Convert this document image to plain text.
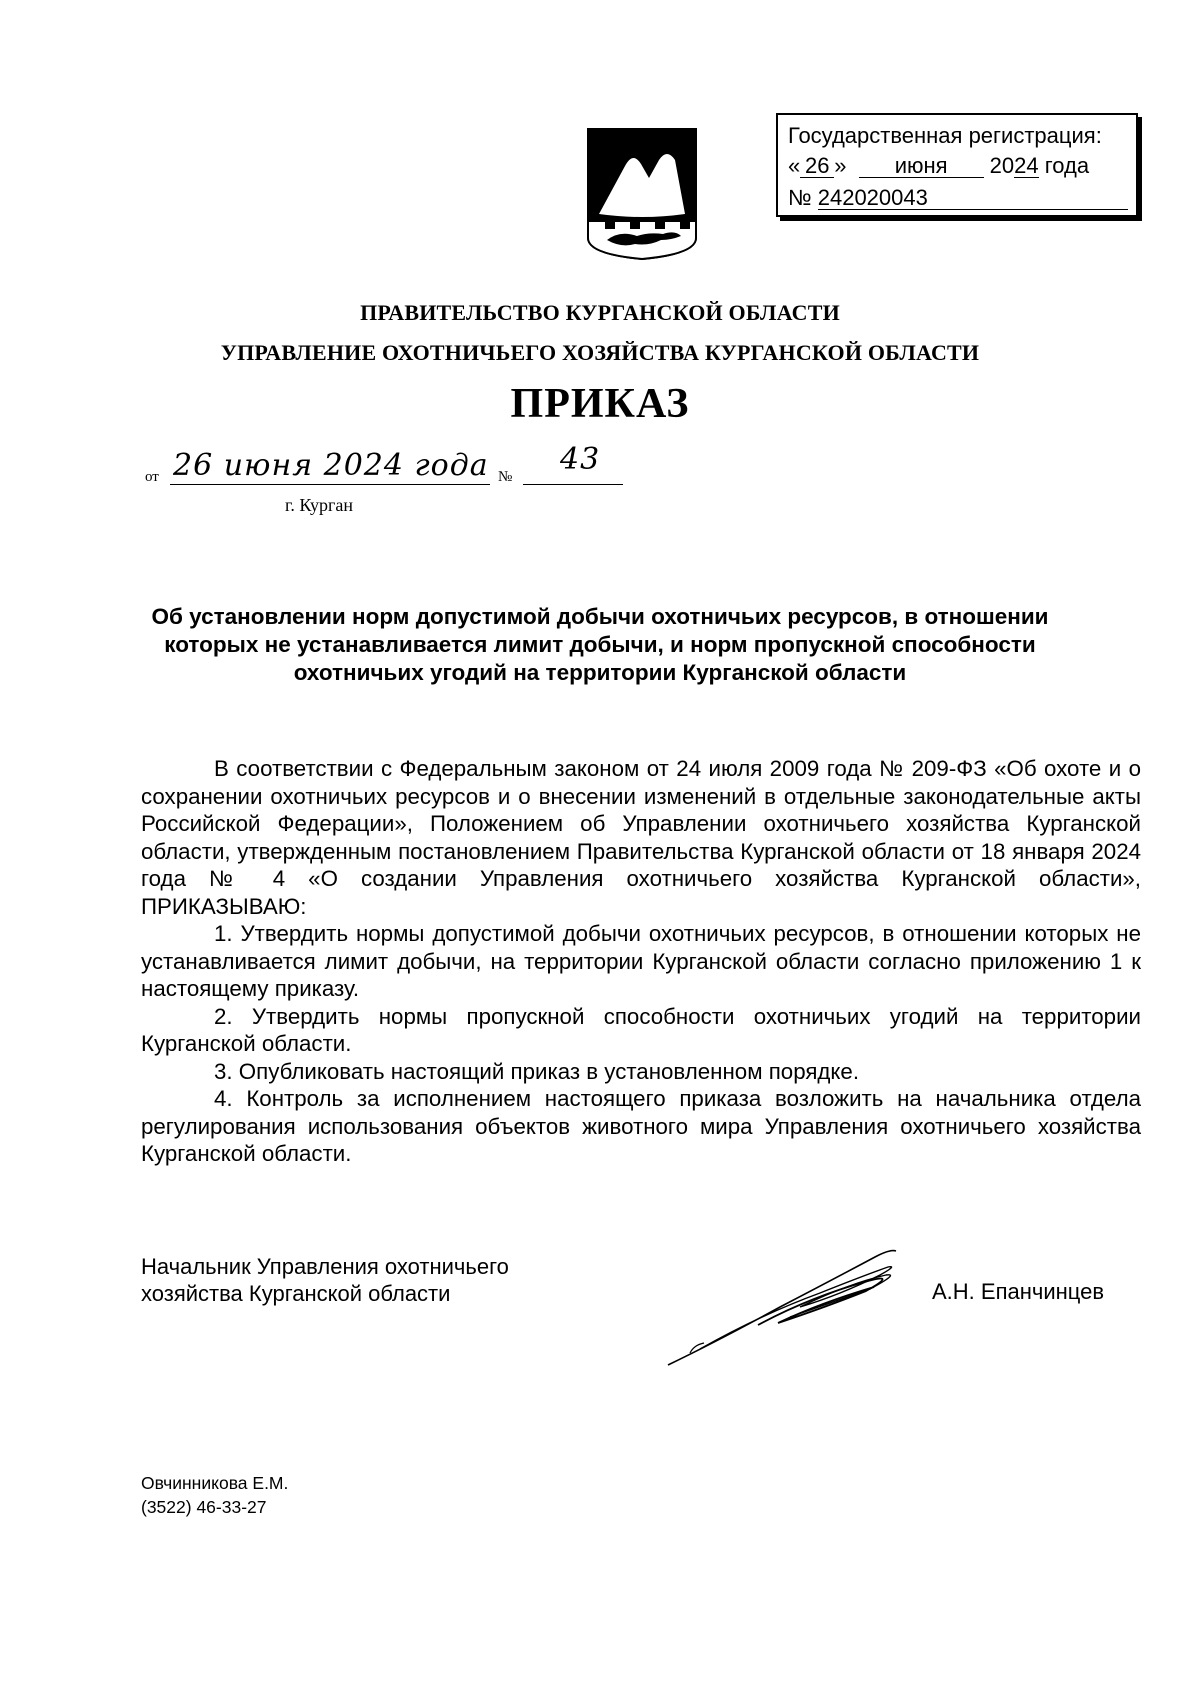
Государственная регистрация:
« 26 » июня 2024 года
№ 242020043
ПРАВИТЕЛЬСТВО КУРГАНСКОЙ ОБЛАСТИ
УПРАВЛЕНИЕ ОХОТНИЧЬЕГО ХОЗЯЙСТВА КУРГАНСКОЙ ОБЛАСТИ
ПРИКАЗ
от 26 июня 2024 года № 43
г. Курган
Об установлении норм допустимой добычи охотничьих ресурсов, в отношении которых не устанавливается лимит добычи, и норм пропускной способности охотничьих угодий на территории Курганской области

В соответствии с Федеральным законом от 24 июля 2009 года № 209-ФЗ «Об охоте и о сохранении охотничьих ресурсов и о внесении изменений в отдельные законодательные акты Российской Федерации», Положением об Управлении охотничьего хозяйства Курганской области, утвержденным постановлением Правительства Курганской области от 18 января 2024 года № 4 «О создании Управления охотничьего хозяйства Курганской области», ПРИКАЗЫВАЮ:

1. Утвердить нормы допустимой добычи охотничьих ресурсов, в отношении которых не устанавливается лимит добычи, на территории Курганской области согласно приложению 1 к настоящему приказу.

2. Утвердить нормы пропускной способности охотничьих угодий на территории Курганской области.

3. Опубликовать настоящий приказ в установленном порядке.

4. Контроль за исполнением настоящего приказа возложить на начальника отдела регулирования использования объектов животного мира Управления охотничьего хозяйства Курганской области.

Начальник Управления охотничьего
хозяйства Курганской области	А.Н. Епанчинцев
Овчинникова Е.М.
(3522) 46-33-27
